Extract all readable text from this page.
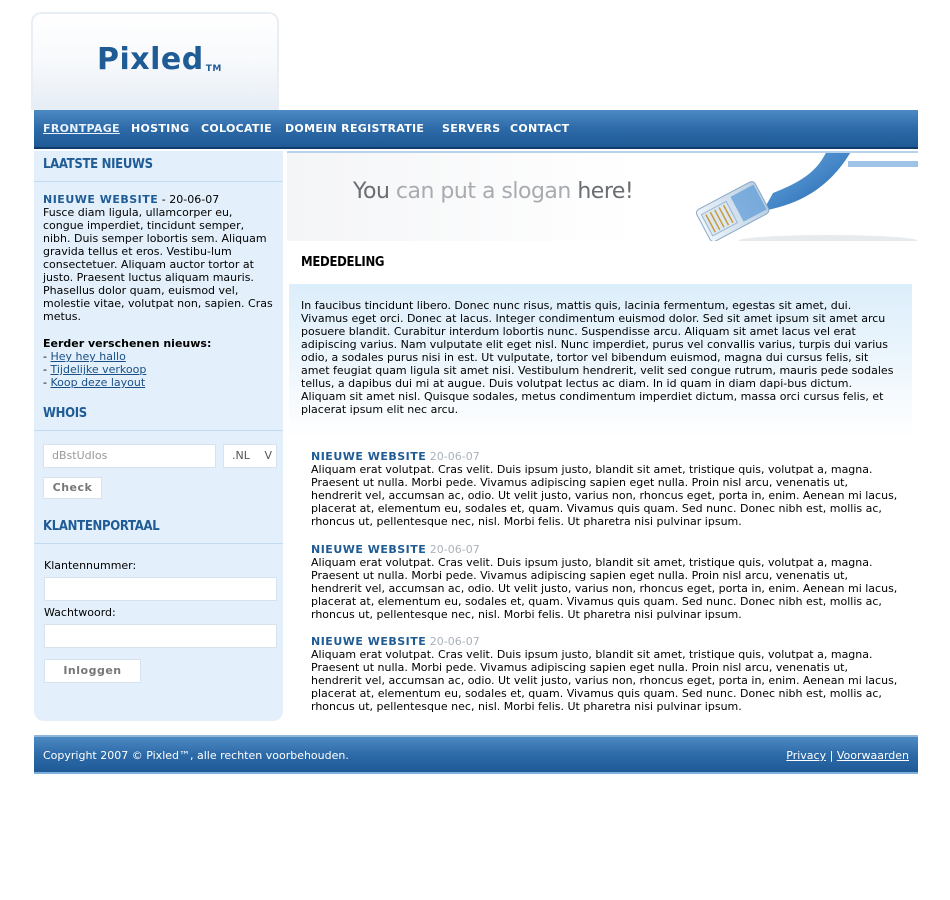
Pixled ™
FRONTPAGE HOSTING COLOCATIE DOMEIN REGISTRATIE SERVERS CONTACT
LAATSTE NIEUWS
NIEUWE WEBSITE - 20-06-07
Fusce diam ligula, ullamcorper eu, congue imperdiet, tincidunt semper, nibh. Duis semper lobortis sem. Aliquam gravida tellus et eros. Vestibu-lum consectetuer. Aliquam auctor tortor at justo. Praesent luctus aliquam mauris. Phasellus dolor quam, euismod vel, molestie vitae, volutpat non, sapien. Cras metus.
Eerder verschenen nieuws:
- Hey hey hallo
- Tijdelijke verkoop
- Koop deze layout
WHOIS
dBstUdIos	.NL V
Check
KLANTENPORTAAL
Klantennummer:
Wachtwoord:
Inloggen
You can put a slogan here!
MEDEDELING
In faucibus tincidunt libero. Donec nunc risus, mattis quis, lacinia fermentum, egestas sit amet, dui. Vivamus eget orci. Donec at lacus. Integer condimentum euismod dolor. Sed sit amet ipsum sit amet arcu posuere blandit. Curabitur interdum lobortis nunc. Suspendisse arcu. Aliquam sit amet lacus vel erat adipiscing varius. Nam vulputate elit eget nisl. Nunc imperdiet, purus vel convallis varius, turpis dui varius odio, a sodales purus nisi in est. Ut vulputate, tortor vel bibendum euismod, magna dui cursus felis, sit amet feugiat quam ligula sit amet nisi. Vestibulum hendrerit, velit sed congue rutrum, mauris pede sodales tellus, a dapibus dui mi at augue. Duis volutpat lectus ac diam. In id quam in diam dapi-bus dictum. Aliquam sit amet nisl. Quisque sodales, metus condimentum imperdiet dictum, massa orci cursus felis, et placerat ipsum elit nec arcu.
NIEUWE WEBSITE 20-06-07
Aliquam erat volutpat. Cras velit. Duis ipsum justo, blandit sit amet, tristique quis, volutpat a, magna. Praesent ut nulla. Morbi pede. Vivamus adipiscing sapien eget nulla. Proin nisl arcu, venenatis ut, hendrerit vel, accumsan ac, odio. Ut velit justo, varius non, rhoncus eget, porta in, enim. Aenean mi lacus, placerat at, elementum eu, sodales et, quam. Vivamus quis quam. Sed nunc. Donec nibh est, mollis ac, rhoncus ut, pellentesque nec, nisl. Morbi felis. Ut pharetra nisi pulvinar ipsum.
NIEUWE WEBSITE 20-06-07
Aliquam erat volutpat. Cras velit. Duis ipsum justo, blandit sit amet, tristique quis, volutpat a, magna. Praesent ut nulla. Morbi pede. Vivamus adipiscing sapien eget nulla. Proin nisl arcu, venenatis ut, hendrerit vel, accumsan ac, odio. Ut velit justo, varius non, rhoncus eget, porta in, enim. Aenean mi lacus, placerat at, elementum eu, sodales et, quam. Vivamus quis quam. Sed nunc. Donec nibh est, mollis ac, rhoncus ut, pellentesque nec, nisl. Morbi felis. Ut pharetra nisi pulvinar ipsum.
NIEUWE WEBSITE 20-06-07
Aliquam erat volutpat. Cras velit. Duis ipsum justo, blandit sit amet, tristique quis, volutpat a, magna. Praesent ut nulla. Morbi pede. Vivamus adipiscing sapien eget nulla. Proin nisl arcu, venenatis ut, hendrerit vel, accumsan ac, odio. Ut velit justo, varius non, rhoncus eget, porta in, enim. Aenean mi lacus, placerat at, elementum eu, sodales et, quam. Vivamus quis quam. Sed nunc. Donec nibh est, mollis ac, rhoncus ut, pellentesque nec, nisl. Morbi felis. Ut pharetra nisi pulvinar ipsum.
Copyright 2007 © Pixled™, alle rechten voorbehouden.	Privacy | Voorwaarden
